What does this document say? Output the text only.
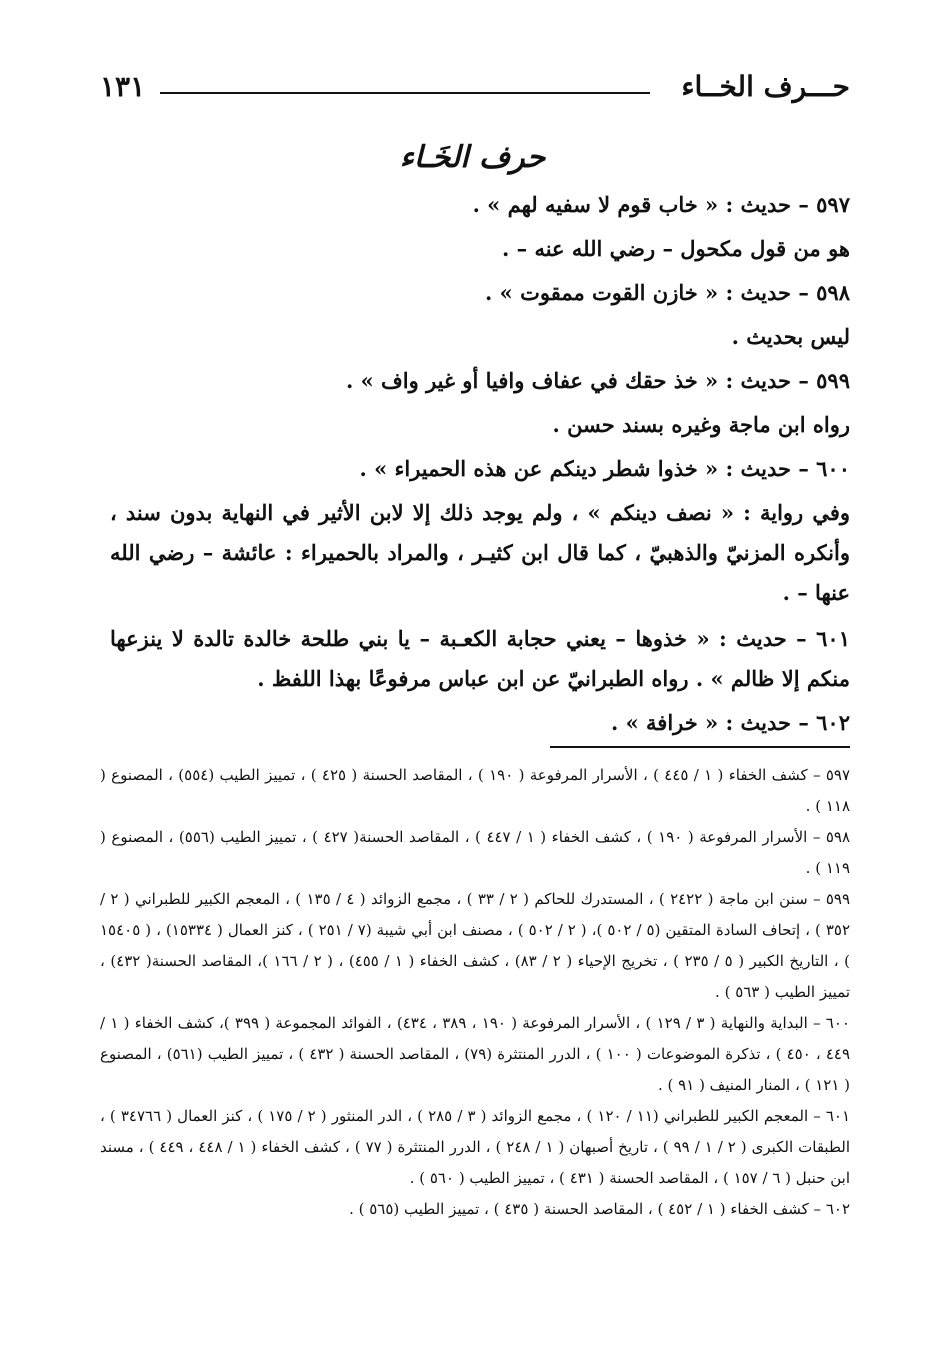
حـــرف الخــاء
١٣١
حرف الخَـاء

٥٩٧ – حديث : « خاب قوم لا سفيه لهم » .

هو من قول مكحول – رضي الله عنه – .

٥٩٨ – حديث : « خازن القوت ممقوت » .

ليس بحديث .

٥٩٩ – حديث : « خذ حقك في عفاف وافيا أو غير واف » .

رواه ابن ماجة وغيره بسند حسن .

٦٠٠ – حديث : « خذوا شطر دينكم عن هذه الحميراء » .

وفي رواية : « نصف دينكم » ، ولم يوجد ذلك إلا لابن الأثير في النهاية بدون سند ، وأنكره المزنيّ والذهبيّ ، كما قال ابن كثيـر ، والمراد بالحميراء : عائشة – رضي الله عنها – .

٦٠١ – حديث : « خذوها – يعني حجابة الكعـبة – يا بني طلحة خالدة تالدة لا ينزعها منكم إلا ظالم » . رواه الطبرانيّ عن ابن عباس مرفوعًا بهذا اللفظ .

٦٠٢ – حديث : « خرافة » .

٥٩٧ – كشف الخفاء ( ١ / ٤٤٥ ) ، الأسرار المرفوعة ( ١٩٠ ) ، المقاصد الحسنة ( ٤٢٥ ) ، تمييز الطيب (٥٥٤) ، المصنوع ( ١١٨ ) .

٥٩٨ – الأسرار المرفوعة ( ١٩٠ ) ، كشف الخفاء ( ١ / ٤٤٧ ) ، المقاصد الحسنة( ٤٢٧ ) ، تمييز الطيب (٥٥٦) ، المصنوع ( ١١٩ ) .

٥٩٩ – سنن ابن ماجة ( ٢٤٢٢ ) ، المستدرك للحاكم ( ٢ / ٣٣ ) ، مجمع الزوائد ( ٤ / ١٣٥ ) ، المعجم الكبير للطبراني ( ٢ / ٣٥٢ ) ، إتحاف السادة المتقين (٥ / ٥٠٢ )، ( ٢ / ٥٠٢ ) ، مصنف ابن أبي شيبة (٧ / ٢٥١ ) ، كنز العمال ( ١٥٣٣٤) ، ( ١٥٤٠٥ ) ، التاريخ الكبير ( ٥ / ٢٣٥ ) ، تخريج الإحياء ( ٢ / ٨٣) ، كشف الخفاء ( ١ / ٤٥٥) ، ( ٢ / ١٦٦ )، المقاصد الحسنة( ٤٣٢) ، تمييز الطيب ( ٥٦٣ ) .

٦٠٠ – البداية والنهاية ( ٣ / ١٢٩ ) ، الأسرار المرفوعة ( ١٩٠ ، ٣٨٩ ، ٤٣٤) ، الفوائد المجموعة ( ٣٩٩ )، كشف الخفاء ( ١ / ٤٤٩ ، ٤٥٠ ) ، تذكرة الموضوعات ( ١٠٠ ) ، الدرر المنتثرة (٧٩) ، المقاصد الحسنة ( ٤٣٢ ) ، تمييز الطيب (٥٦١) ، المصنوع ( ١٢١ ) ، المنار المنيف ( ٩١ ) .

٦٠١ – المعجم الكبير للطبراني (١١ / ١٢٠ ) ، مجمع الزوائد ( ٣ / ٢٨٥ ) ، الدر المنثور ( ٢ / ١٧٥ ) ، كنز العمال ( ٣٤٧٦٦ ) ، الطبقات الكبرى ( ٢ / ١ / ٩٩ ) ، تاريخ أصبهان ( ١ / ٢٤٨ ) ، الدرر المنتثرة ( ٧٧ ) ، كشف الخفاء ( ١ / ٤٤٨ ، ٤٤٩ ) ، مسند ابن حنبل ( ٦ / ١٥٧ ) ، المقاصد الحسنة ( ٤٣١ ) ، تمييز الطيب ( ٥٦٠ ) .

٦٠٢ – كشف الخفاء ( ١ / ٤٥٢ ) ، المقاصد الحسنة ( ٤٣٥ ) ، تمييز الطيب (٥٦٥ ) .
